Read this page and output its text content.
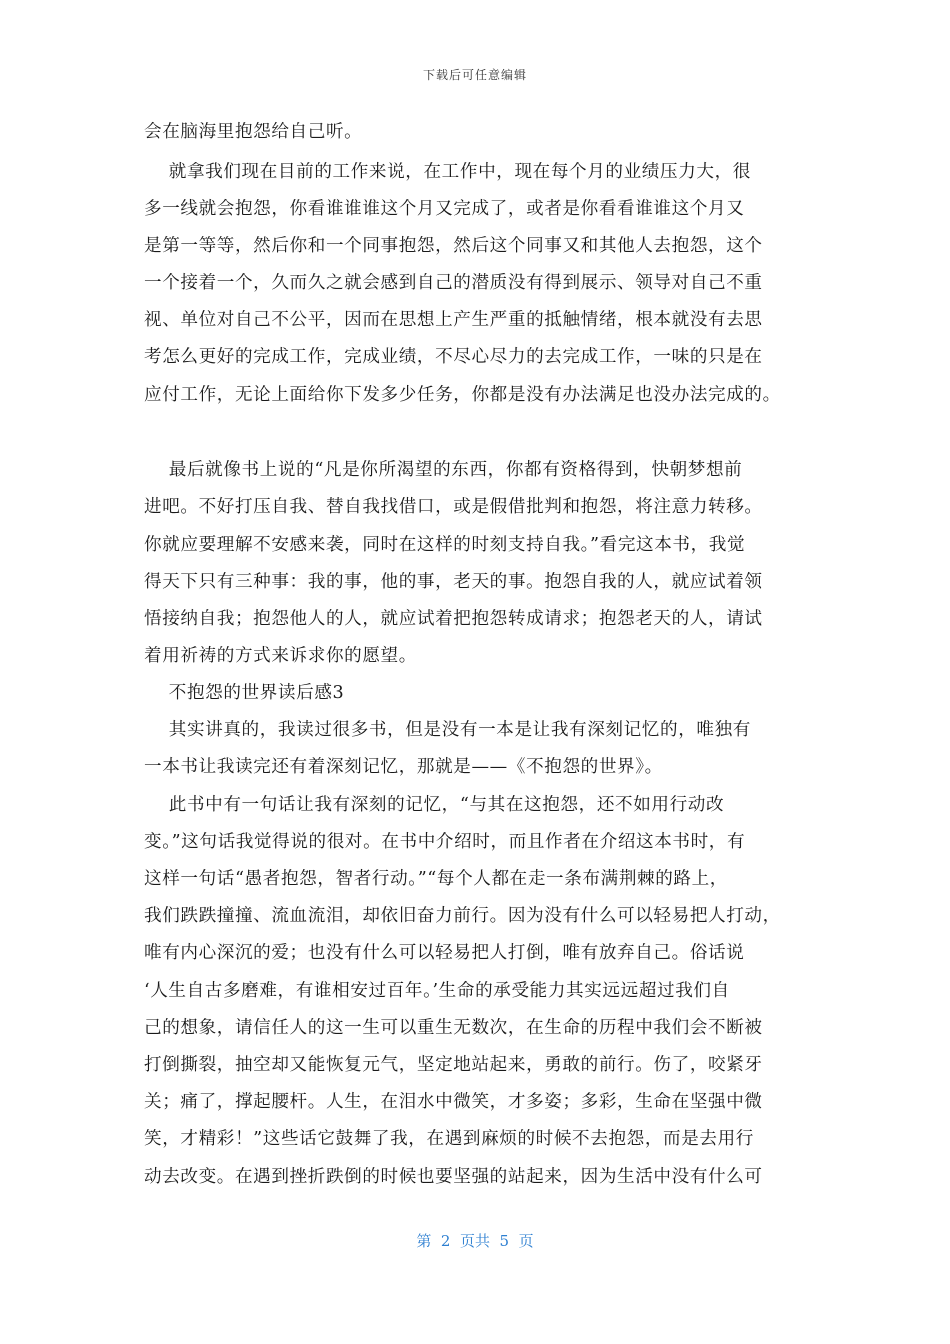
下载后可任意编辑
会在脑海里抱怨给自己听。
就拿我们现在目前的工作来说，在工作中，现在每个月的业绩压力大，很
多一线就会抱怨，你看谁谁谁这个月又完成了，或者是你看看谁谁这个月又
是第一等等，然后你和一个同事抱怨，然后这个同事又和其他人去抱怨，这个
一个接着一个，久而久之就会感到自己的潜质没有得到展示、领导对自己不重
视、单位对自己不公平，因而在思想上产生严重的抵触情绪，根本就没有去思
考怎么更好的完成工作，完成业绩，不尽心尽力的去完成工作，一味的只是在
应付工作，无论上面给你下发多少任务，你都是没有办法满足也没办法完成的。
最后就像书上说的“凡是你所渴望的东西，你都有资格得到，快朝梦想前
进吧。不好打压自我、替自我找借口，或是假借批判和抱怨，将注意力转移。
你就应要理解不安感来袭，同时在这样的时刻支持自我。”看完这本书，我觉
得天下只有三种事：我的事，他的事，老天的事。抱怨自我的人，就应试着领
悟接纳自我；抱怨他人的人，就应试着把抱怨转成请求；抱怨老天的人，请试
着用祈祷的方式来诉求你的愿望。
不抱怨的世界读后感3
其实讲真的，我读过很多书，但是没有一本是让我有深刻记忆的，唯独有
一本书让我读完还有着深刻记忆，那就是——《不抱怨的世界》。
此书中有一句话让我有深刻的记忆，“与其在这抱怨，还不如用行动改
变。”这句话我觉得说的很对。在书中介绍时，而且作者在介绍这本书时，有
这样一句话“愚者抱怨，智者行动。”“每个人都在走一条布满荆棘的路上，
我们跌跌撞撞、流血流泪，却依旧奋力前行。因为没有什么可以轻易把人打动，
唯有内心深沉的爱；也没有什么可以轻易把人打倒，唯有放弃自己。俗话说
‘人生自古多磨难，有谁相安过百年。’生命的承受能力其实远远超过我们自
己的想象，请信任人的这一生可以重生无数次，在生命的历程中我们会不断被
打倒撕裂，抽空却又能恢复元气，坚定地站起来，勇敢的前行。伤了，咬紧牙
关；痛了，撑起腰杆。人生，在泪水中微笑，才多姿；多彩，生命在坚强中微
笑，才精彩！”这些话它鼓舞了我，在遇到麻烦的时候不去抱怨，而是去用行
动去改变。在遇到挫折跌倒的时候也要坚强的站起来，因为生活中没有什么可
第  2  页共  5  页
